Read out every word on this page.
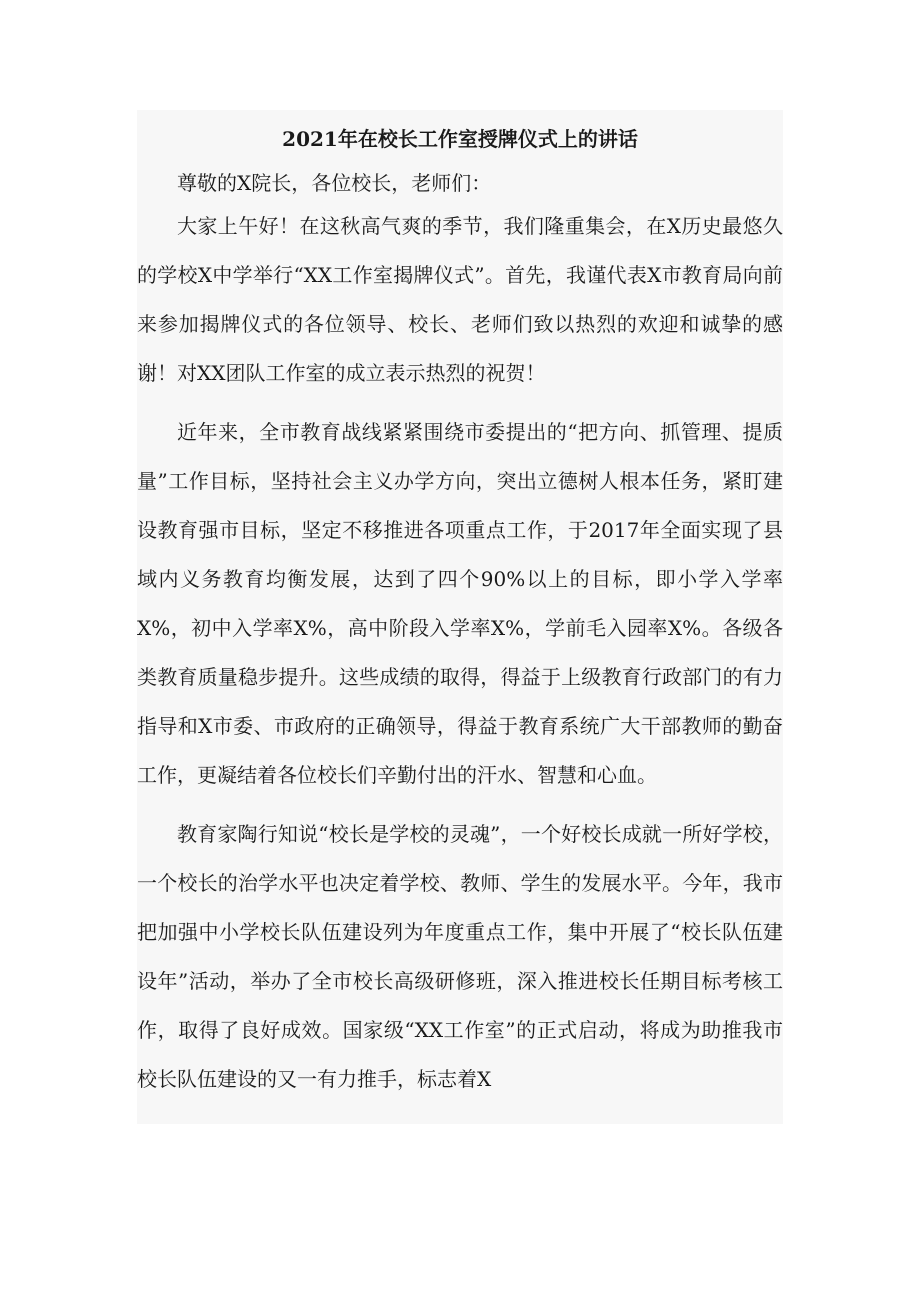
2021年在校长工作室授牌仪式上的讲话

尊敬的X院长，各位校长，老师们：

大家上午好！在这秋高气爽的季节，我们隆重集会，在X历史最悠久的学校X中学举行“XX工作室揭牌仪式”。首先，我谨代表X市教育局向前来参加揭牌仪式的各位领导、校长、老师们致以热烈的欢迎和诚挚的感谢！对XX团队工作室的成立表示热烈的祝贺！

近年来，全市教育战线紧紧围绕市委提出的“把方向、抓管理、提质量”工作目标，坚持社会主义办学方向，突出立德树人根本任务，紧盯建设教育强市目标，坚定不移推进各项重点工作，于2017年全面实现了县域内义务教育均衡发展，达到了四个90%以上的目标，即小学入学率X%，初中入学率X%，高中阶段入学率X%，学前毛入园率X%。各级各类教育质量稳步提升。这些成绩的取得，得益于上级教育行政部门的有力指导和X市委、市政府的正确领导，得益于教育系统广大干部教师的勤奋工作，更凝结着各位校长们辛勤付出的汗水、智慧和心血。

教育家陶行知说“校长是学校的灵魂”，一个好校长成就一所好学校，一个校长的治学水平也决定着学校、教师、学生的发展水平。今年，我市把加强中小学校长队伍建设列为年度重点工作，集中开展了“校长队伍建设年”活动，举办了全市校长高级研修班，深入推进校长任期目标考核工作，取得了良好成效。国家级“XX工作室”的正式启动，将成为助推我市校长队伍建设的又一有力推手，标志着X
